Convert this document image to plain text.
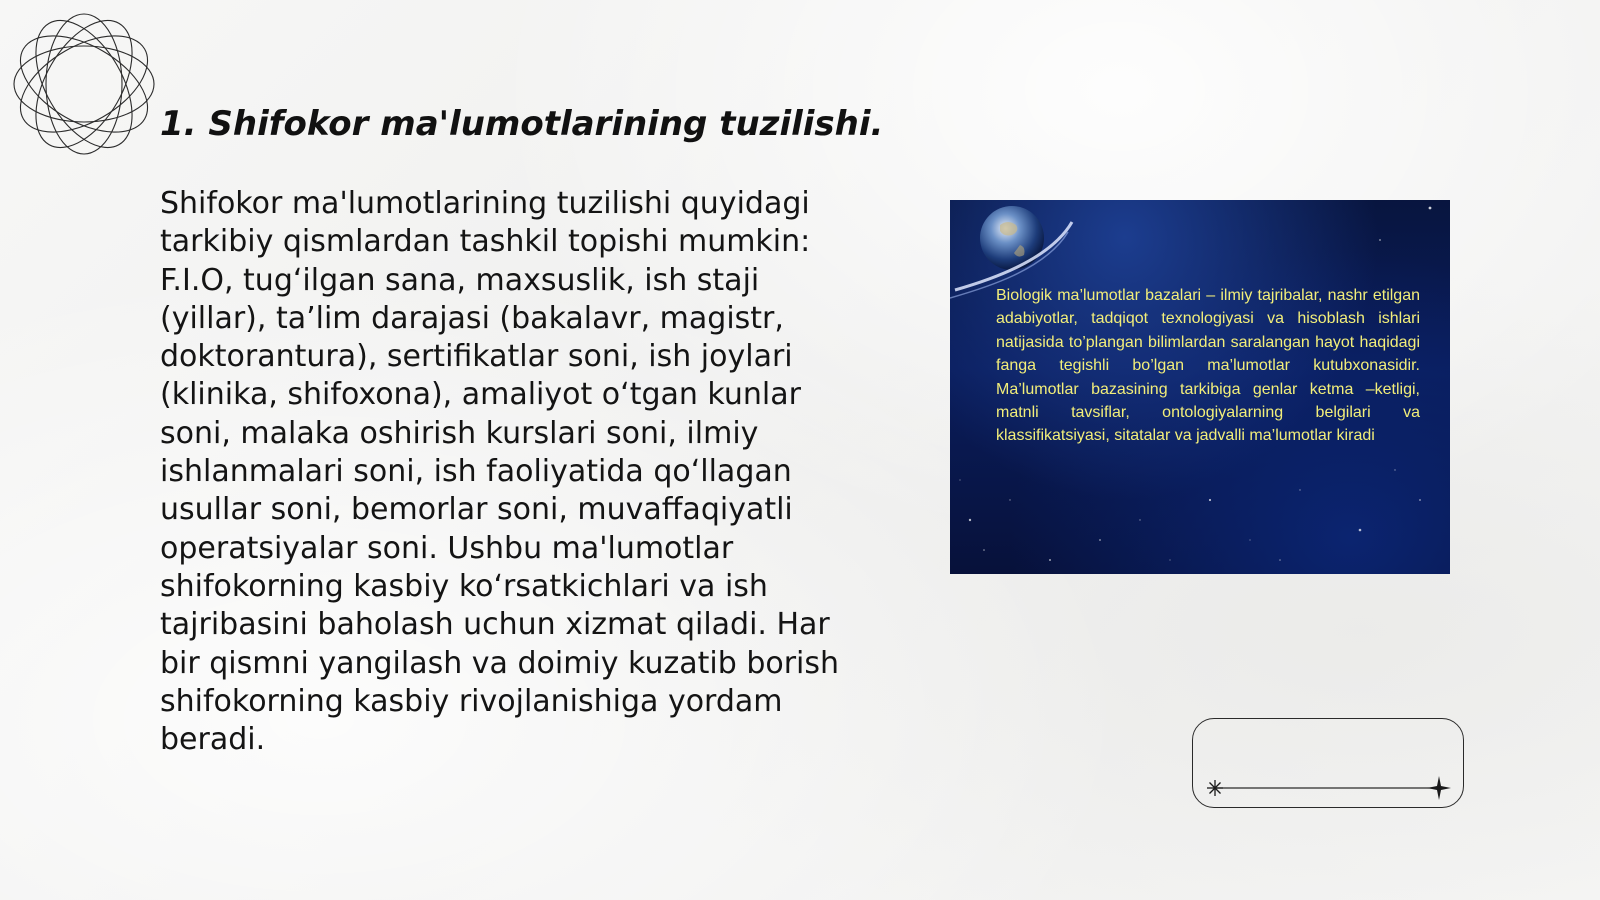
1. Shifokor ma'lumotlarining tuzilishi.

Shifokor ma'lumotlarining tuzilishi quyidagi tarkibiy qismlardan tashkil topishi mumkin: F.I.O, tug‘ilgan sana, maxsuslik, ish staji (yillar), ta’lim darajasi (bakalavr, magistr, doktorantura), sertifikatlar soni, ish joylari (klinika, shifoxona), amaliyot o‘tgan kunlar soni, malaka oshirish kurslari soni, ilmiy ishlanmalari soni, ish faoliyatida qo‘llagan usullar soni, bemorlar soni, muvaffaqiyatli operatsiyalar soni. Ushbu ma'lumotlar shifokorning kasbiy ko‘rsatkichlari va ish tajribasini baholash uchun xizmat qiladi. Har bir qismni yangilash va doimiy kuzatib borish shifokorning kasbiy rivojlanishiga yordam beradi.

Biologik ma’lumotlar bazalari – ilmiy tajribalar, nashr etilgan adabiyotlar, tadqiqot texnologiyasi va hisoblash ishlari natijasida to’plangan bilimlardan saralangan hayot haqidagi fanga tegishli bo’lgan ma’lumotlar kutubxonasidir. Ma’lumotlar bazasining tarkibiga genlar ketma –ketligi, matnli tavsiflar, ontologiyalarning belgilari va klassifikatsiyasi, sitatalar va jadvalli ma’lumotlar kiradi
